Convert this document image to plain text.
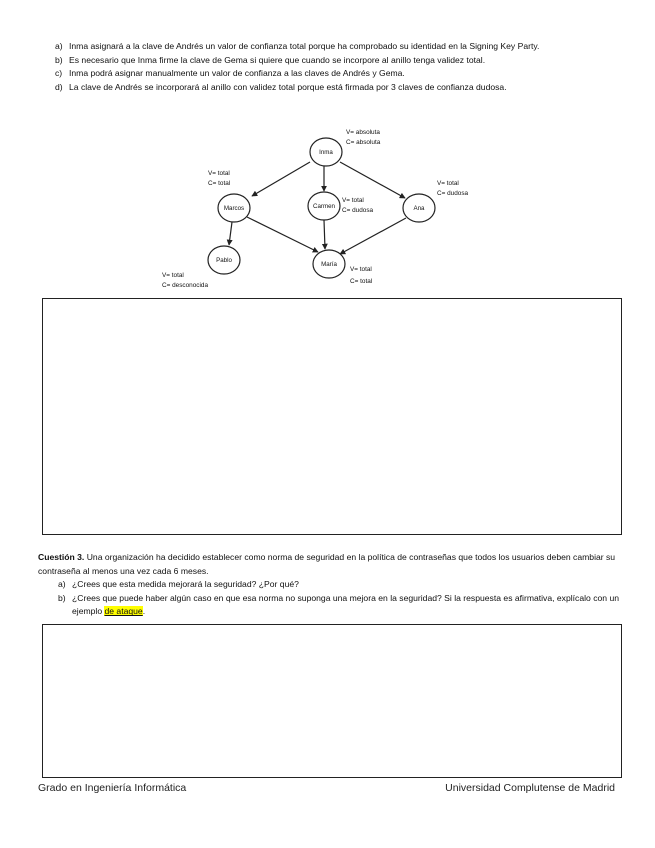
a) Inma asignará a la clave de Andrés un valor de confianza total porque ha comprobado su identidad en la Signing Key Party.
b) Es necesario que Inma firme la clave de Gema si quiere que cuando se incorpore al anillo tenga validez total.
c) Inma podrá asignar manualmente un valor de confianza a las claves de Andrés y Gema.
d) La clave de Andrés se incorporará al anillo con validez total porque está firmada por 3 claves de confianza dudosa.
Inma
Marcos	Carmen	Ana
Pablo
María
V= absoluta
C= absoluta
V= total
C= total
V= total
C= dudosa
V= total
C= dudosa
V= total
C= desconocida
V= total
C= total
Cuestión 3. Una organización ha decidido establecer como norma de seguridad en la política de contraseñas que todos los usuarios deben cambiar su contraseña al menos una vez cada 6 meses.
a) ¿Crees que esta medida mejorará la seguridad? ¿Por qué?
b) ¿Crees que puede haber algún caso en que esa norma no suponga una mejora en la seguridad? Si la respuesta es afirmativa, explícalo con un ejemplo de ataque.
Grado en Ingeniería Informática	Universidad Complutense de Madrid
